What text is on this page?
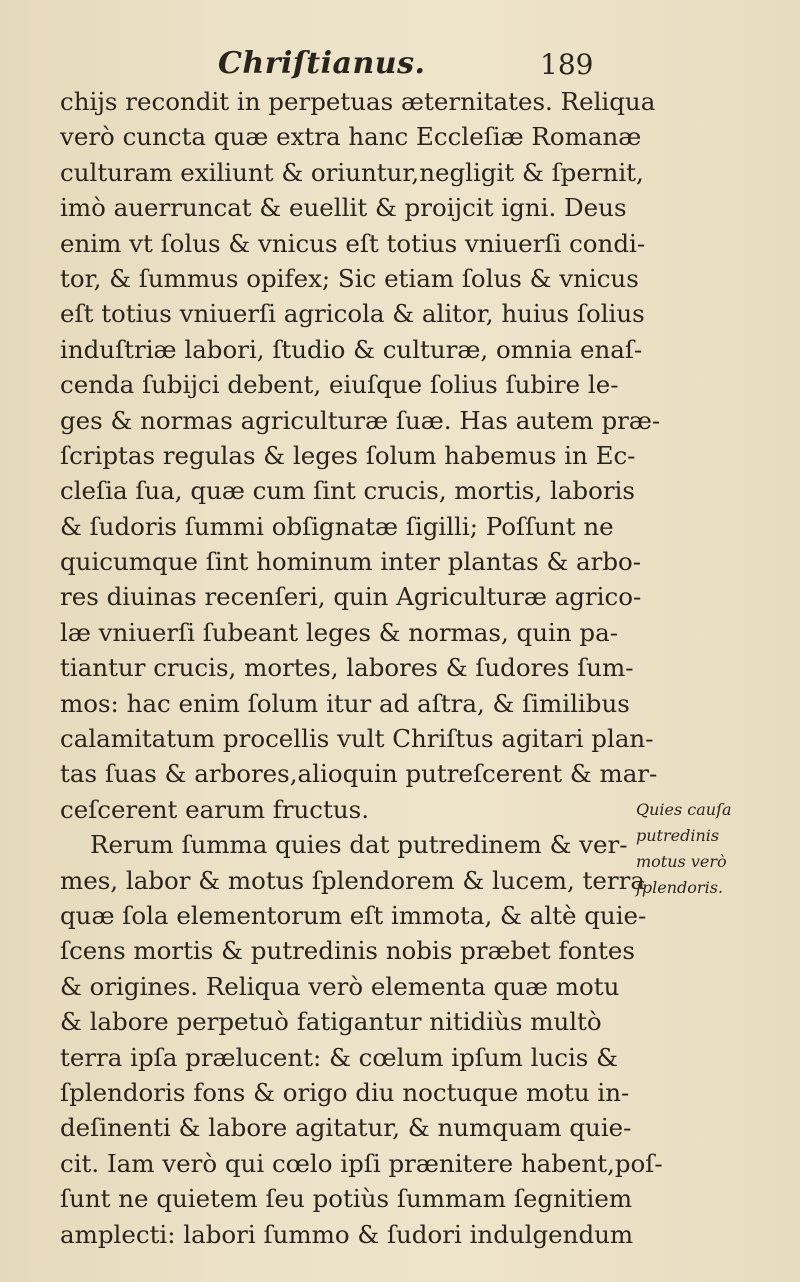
Chriſtianus.	189
chijs recondit in perpetuas æternitates. Reliqua
verò cuncta quæ extra hanc Eccleſiæ Romanæ
culturam exiliunt & oriuntur,negligit & ſpernit,
imò auerruncat & euellit & proijcit igni. Deus
enim vt ſolus & vnicus eſt totius vniuerſi condi-
tor, & ſummus opifex; Sic etiam ſolus & vnicus
eſt totius vniuerſi agricola & alitor, huius ſolius
induſtriæ labori, ſtudio & culturæ, omnia enaſ-
cenda ſubijci debent, eiuſque ſolius ſubire le-
ges & normas agriculturæ ſuæ. Has autem præ-
ſcriptas regulas & leges ſolum habemus in Ec-
cleſia ſua, quæ cum ſint crucis, mortis, laboris
& ſudoris ſummi obſignatæ ſigilli; Poſſunt ne
quicumque ſint hominum inter plantas & arbo-
res diuinas recenſeri, quin Agriculturæ agrico-
læ vniuerſi ſubeant leges & normas, quin pa-
tiantur crucis, mortes, labores & ſudores ſum-
mos: hac enim ſolum itur ad aſtra, & ſimilibus
calamitatum procellis vult Chriſtus agitari plan-
tas ſuas & arbores,alioquin putreſcerent & mar-
ceſcerent earum fructus.
Rerum ſumma quies dat putredinem & ver-
mes, labor & motus ſplendorem & lucem, terra
quæ ſola elementorum eſt immota, & altè quie-
ſcens mortis & putredinis nobis præbet fontes
& origines. Reliqua verò elementa quæ motu
& labore perpetuò fatigantur nitidiùs multò
terra ipſa prælucent: & cœlum ipſum lucis &
ſplendoris fons & origo diu noctuque motu in-
deſinenti & labore agitatur, & numquam quie-
cit. Iam verò qui cœlo ipſi prænitere habent,poſ-
ſunt ne quietem ſeu potiùs ſummam ſegnitiem
amplecti: labori ſummo & ſudori indulgendum
Quies cauſa
putredinis
motus verò
ſplendoris.
